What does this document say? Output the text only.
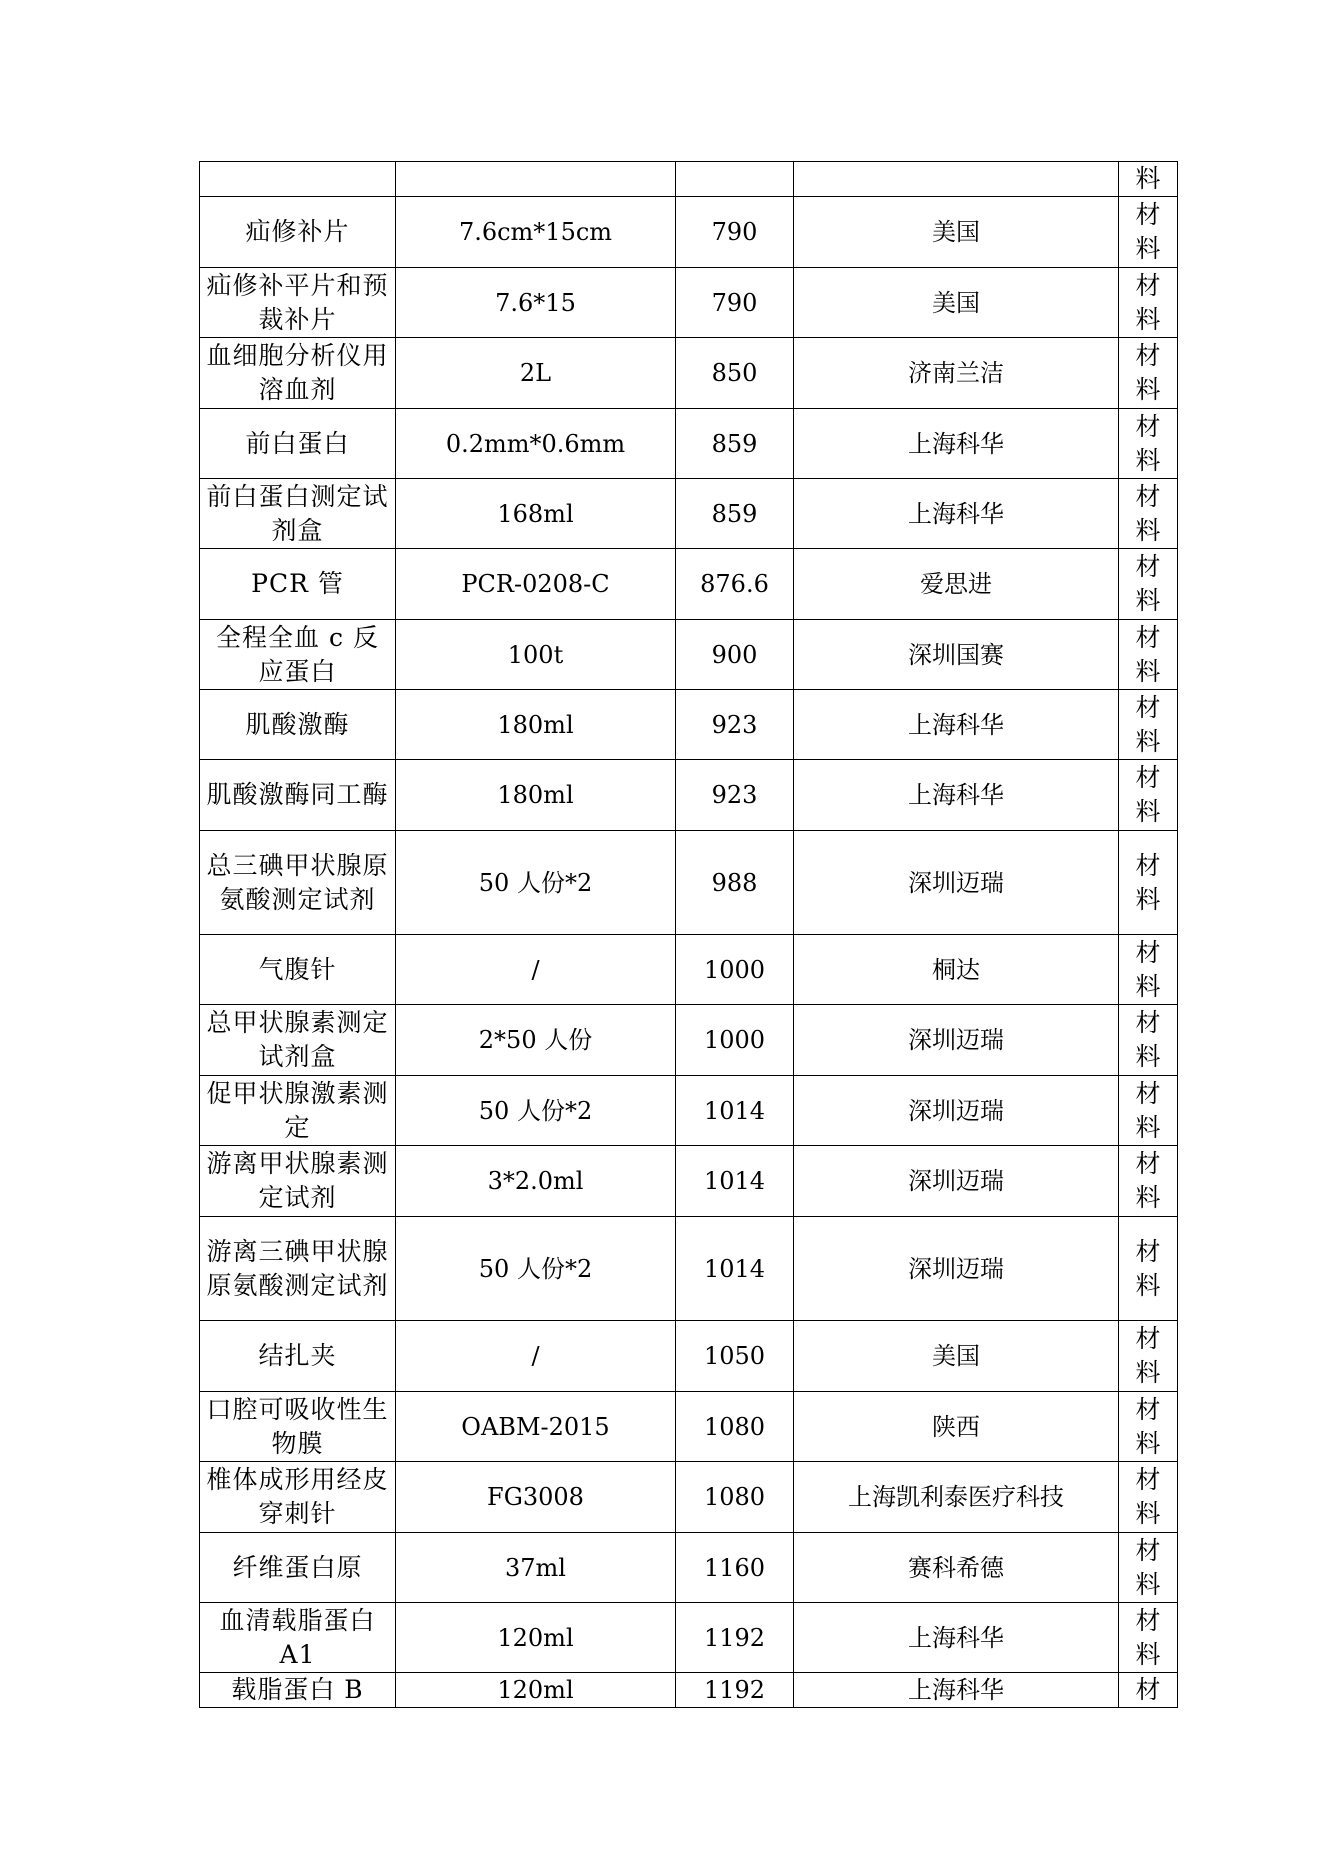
				料

疝修补片	7.6cm*15cm	790	美国	材料

疝修补平片和预裁补片	7.6*15	790	美国	材料

血细胞分析仪用溶血剂	2L	850	济南兰洁	材料

前白蛋白	0.2mm*0.6mm	859	上海科华	材料

前白蛋白测定试剂盒	168ml	859	上海科华	材料

PCR 管	PCR-0208-C	876.6	爱思进	材料

全程全血 c 反应蛋白	100t	900	深圳国赛	材料

肌酸激酶	180ml	923	上海科华	材料

肌酸激酶同工酶	180ml	923	上海科华	材料

总三碘甲状腺原氨酸测定试剂	50 人份*2	988	深圳迈瑞	材料

气腹针	/	1000	桐达	材料

总甲状腺素测定试剂盒	2*50 人份	1000	深圳迈瑞	材料

促甲状腺激素测定	50 人份*2	1014	深圳迈瑞	材料

游离甲状腺素测定试剂	3*2.0ml	1014	深圳迈瑞	材料

游离三碘甲状腺原氨酸测定试剂	50 人份*2	1014	深圳迈瑞	材料

结扎夹	/	1050	美国	材料

口腔可吸收性生物膜	OABM-2015	1080	陕西	材料

椎体成形用经皮穿刺针	FG3008	1080	上海凯利泰医疗科技	材料

纤维蛋白原	37ml	1160	赛科希德	材料

血清载脂蛋白 A1	120ml	1192	上海科华	材料

载脂蛋白 B	120ml	1192	上海科华	材
